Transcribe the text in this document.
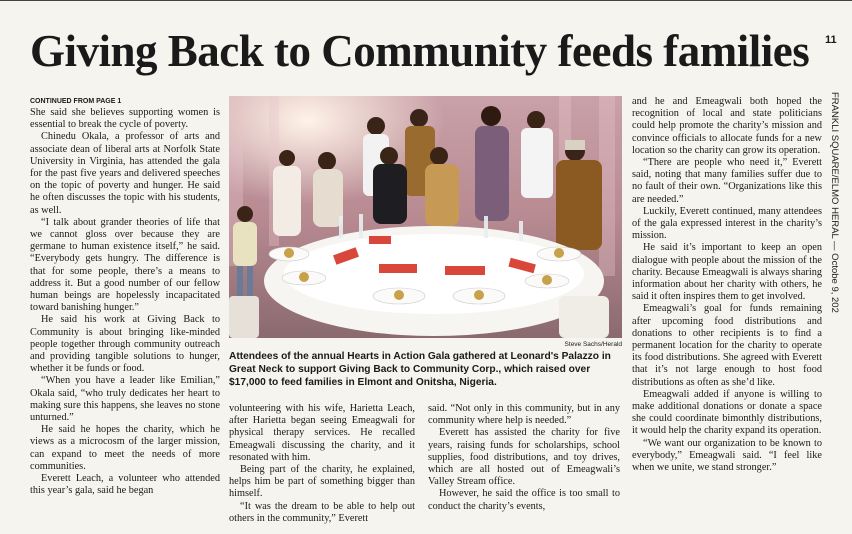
Giving Back to Community feeds families 11
FRANKLI SQUARE/ELMO HERAL — Octobe 9, 202
CONTINUED FROM PAGE 1

She said she believes supporting women is essential to break the cycle of poverty.

Chinedu Okala, a professor of arts and associate dean of liberal arts at Norfolk State University in Virginia, has attended the gala for the past five years and delivered speeches on the topic of poverty and hunger. He said he often discusses the topic with his students, as well.

“I talk about grander theories of life that we cannot gloss over because they are germane to human existence itself,” he said. “Everybody gets hungry. The difference is that for some people, there’s a means to address it. But a good number of our fellow human beings are hopelessly incapacitated toward banishing hunger.”

He said his work at Giving Back to Community is about bringing like-minded people together through community outreach and providing tangible solutions to hunger, whether it be funds or food.

“When you have a leader like Emilian,” Okala said, “who truly dedicates her heart to making sure this happens, she leaves no stone unturned.”

He said he hopes the charity, which he views as a microcosm of the larger mission, can expand to meet the needs of more communities.

Everett Leach, a volunteer who attended this year’s gala, said he began

Steve Sachs/Herald
Attendees of the annual Hearts in Action Gala gathered at Leonard's Palazzo in Great Neck to support Giving Back to Community Corp., which raised over $17,000 to feed families in Elmont and Onitsha, Nigeria.

volunteering with his wife, Harietta Leach, after Harietta began seeing Emeagwali for physical therapy services. He recalled Emeagwali discussing the charity, and it resonated with him.

Being part of the charity, he explained, helps him be part of something bigger than himself.

“It was the dream to be able to help out others in the community,” Everett

said. “Not only in this community, but in any community where help is needed.”

Everett has assisted the charity for five years, raising funds for scholarships, school supplies, food distributions, and toy drives, which are all hosted out of Emeagwali’s Valley Stream office.

However, he said the office is too small to conduct the charity’s events,

and he and Emeagwali both hoped the recognition of local and state politicians could help promote the charity’s mission and convince officials to allocate funds for a new location so the charity can grow its operation.

“There are people who need it,” Everett said, noting that many families suffer due to no fault of their own. “Organizations like this are needed.”

Luckily, Everett continued, many attendees of the gala expressed interest in the charity’s mission.

He said it’s important to keep an open dialogue with people about the mission of the charity. Because Emeagwali is always sharing information about her charity with others, he said it often inspires them to get involved.

Emeagwali’s goal for funds remaining after upcoming food distributions and donations to other recipients is to find a permanent location for the charity to operate its food distributions. She agreed with Everett that it’s not large enough to host food distributions as often as she’d like.

Emeagwali added if anyone is willing to make additional donations or donate a space she could coordinate bimonthly distributions, it would help the charity expand its operation.

“We want our organization to be known to everybody,” Emeagwali said. “I feel like when we unite, we stand stronger.”
